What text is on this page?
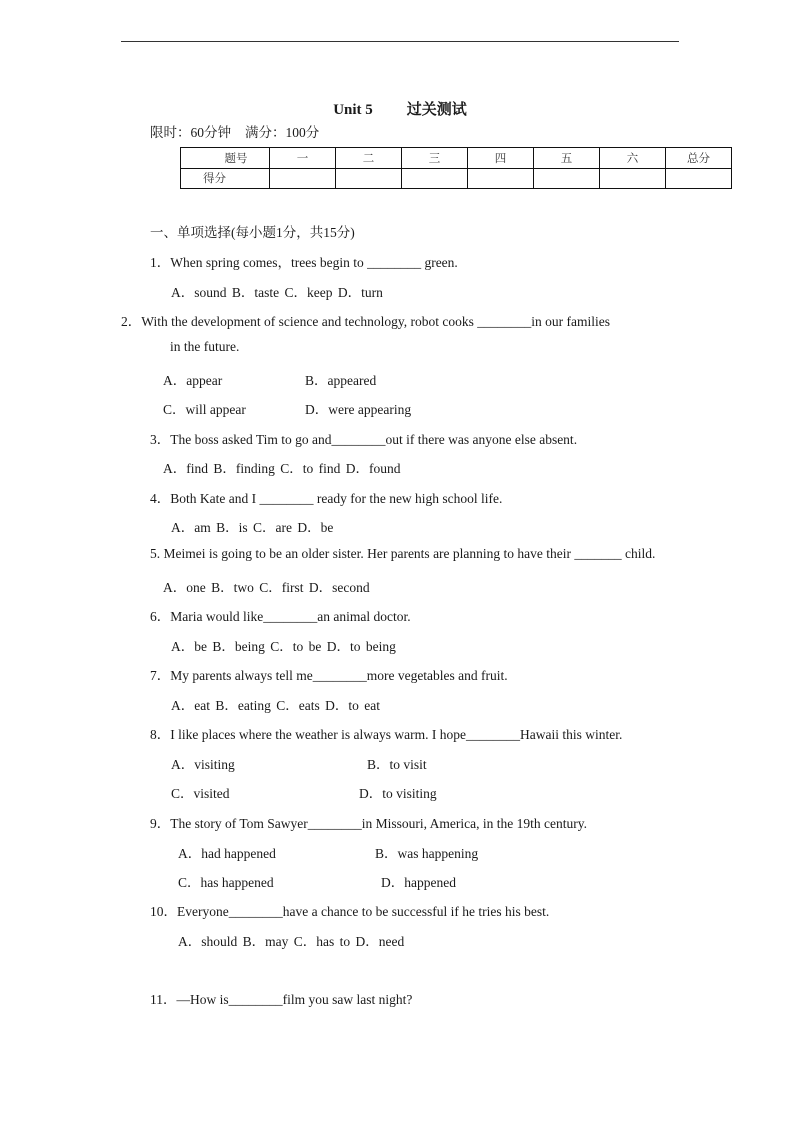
Unit 5 过关测试
限时：60分钟 满分：100分
题号	一	二	三	四	五	六	总分
得分							
一、单项选择(每小题1分，共15分)
1．When spring comes，trees begin to ________ green.
A．sound B．taste C．keep D．turn
2．With the development of science and technology, robot cooks ________in our families
in the future.
A．appear	B．appeared
C．will appear	D．were appearing
3．The boss asked Tim to go and________out if there was anyone else absent.
A．find B．finding C．to find D．found
4．Both Kate and I ________ ready for the new high school life.
A．am B．is C．are D．be
5. Meimei is going to be an older sister. Her parents are planning to have their _______ child.
A．one B．two C．first D．second
6．Maria would like________an animal doctor.
A．be B．being C．to be D．to being
7．My parents always tell me________more vegetables and fruit.
A．eat B．eating C．eats D．to eat
8．I like places where the weather is always warm. I hope________Hawaii this winter.
A．visiting	B．to visit
C．visited	D．to visiting
9．The story of Tom Sawyer________in Missouri, America, in the 19th century.
A．had happened	B．was happening
C．has happened	D．happened
10．Everyone________have a chance to be successful if he tries his best.
A．should B．may C．has to D．need
11．—How is________film you saw last night?
